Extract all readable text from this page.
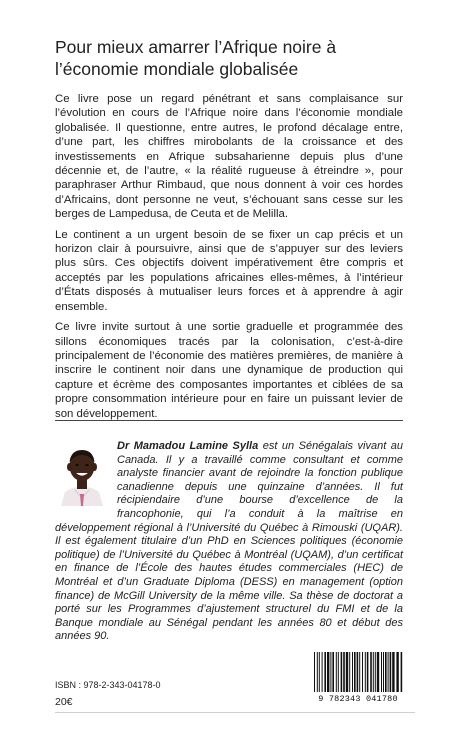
Pour mieux amarrer l’Afrique noire à
l’économie mondiale globalisée

Ce livre pose un regard pénétrant et sans complaisance sur l’évolution en cours de l’Afrique noire dans l’économie mondiale globalisée. Il questionne, entre autres, le profond décalage entre, d’une part, les chiffres mirobolants de la croissance et des investissements en Afrique subsaharienne depuis plus d’une décennie et, de l’autre, « la réalité rugueuse à étreindre », pour paraphraser Arthur Rimbaud, que nous donnent à voir ces hordes d’Africains, dont personne ne veut, s’échouant sans cesse sur les berges de Lampedusa, de Ceuta et de Melilla.

Le continent a un urgent besoin de se fixer un cap précis et un horizon clair à poursuivre, ainsi que de s’appuyer sur des leviers plus sûrs. Ces objectifs doivent impérativement être compris et acceptés par les populations africaines elles-mêmes, à l’intérieur d’États disposés à mutualiser leurs forces et à apprendre à agir ensemble.

Ce livre invite surtout à une sortie graduelle et programmée des sillons économiques tracés par la colonisation, c’est-à-dire principalement de l’économie des matières premières, de manière à inscrire le continent noir dans une dynamique de production qui capture et écrème des composantes importantes et ciblées de sa propre consommation intérieure pour en faire un puissant levier de son développement.

Dr Mamadou Lamine Sylla est un Sénégalais vivant au Canada. Il y a travaillé comme consultant et comme analyste financier avant de rejoindre la fonction publique canadienne depuis une quinzaine d’années. Il fut récipiendaire d’une bourse d’excellence de la francophonie, qui l’a conduit à la maîtrise en développement régional à l’Université du Québec à Rimouski (UQAR). Il est également titulaire d’un PhD en Sciences politiques (économie politique) de l’Université du Québec à Montréal (UQAM), d’un certificat en finance de l’École des hautes études commerciales (HEC) de Montréal et d’un Graduate Diploma (DESS) en management (option finance) de McGill University de la même ville. Sa thèse de doctorat a porté sur les Programmes d’ajustement structurel du FMI et de la Banque mondiale au Sénégal pendant les années 80 et début des années 90.
ISBN : 978-2-343-04178-0
20€	9 782343 041780
